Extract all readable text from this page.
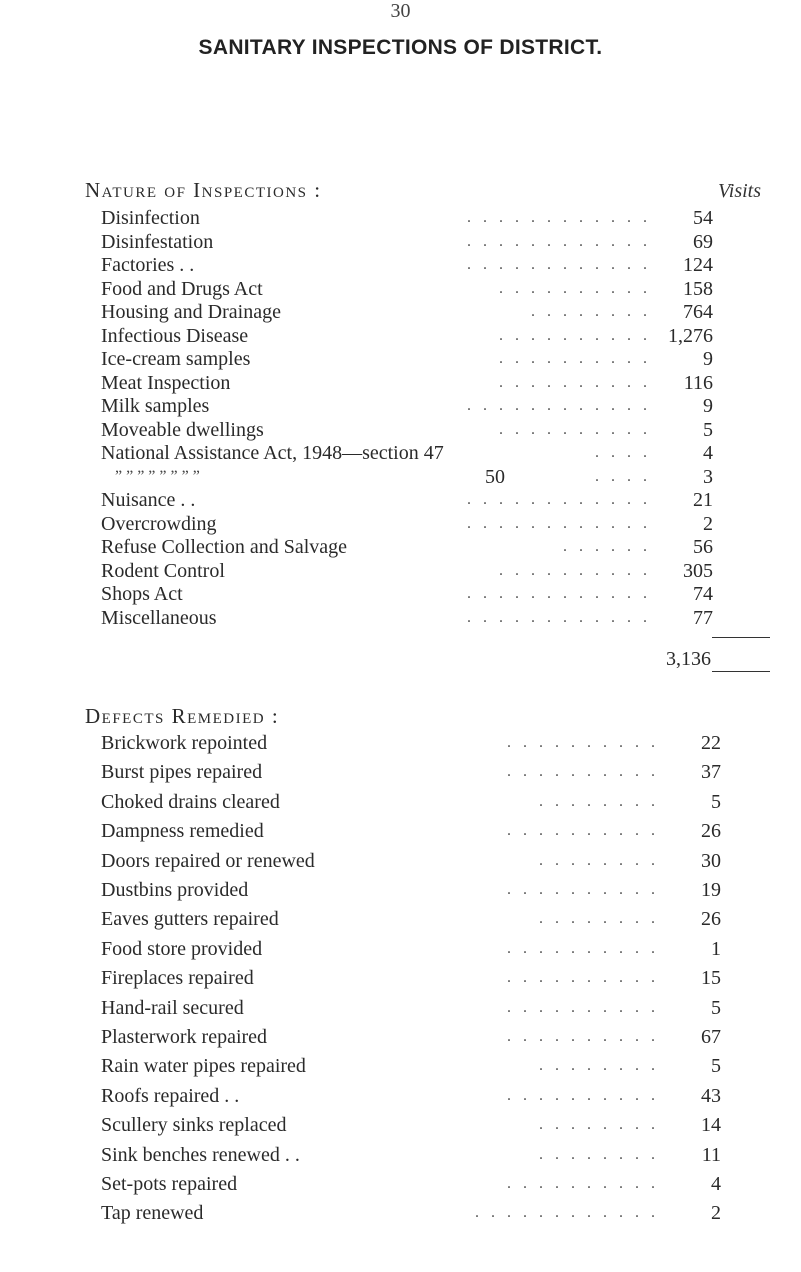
30
SANITARY INSPECTIONS OF DISTRICT.
Nature of Inspections :	Visits
Disinfection	. . . . . . . . . . . . 54
Disinfestation	. . . . . . . . . . . . 69
Factories . .	. . . . . . . . . . . . 124
Food and Drugs Act	. . . . . . . . . . 158
Housing and Drainage	. . . . . . . . 764
Infectious Disease	. . . . . . . . . . 1,276
Ice-cream samples	. . . . . . . . . .	9
Meat Inspection	. . . . . . . . . . 116
Milk samples	. . . . . . . . . . . .	9
Moveable dwellings	. . . . . . . . . .	5
National Assistance Act, 1948—section 47	. . . .	4
” ” ” ” ” ” ” ”	50	. . . .	3
Nuisance . .	. . . . . . . . . . . . 21
Overcrowding	. . . . . . . . . . . .	2
Refuse Collection and Salvage	. . . . . . 56
Rodent Control	. . . . . . . . . . 305
Shops Act	. . . . . . . . . . . . 74
Miscellaneous	. . . . . . . . . . . . 77
3,136
Defects Remedied :
Brickwork repointed	. . . . . . . . . . 22
Burst pipes repaired	. . . . . . . . . . 37
Choked drains cleared	. . . . . . . .	5
Dampness remedied	. . . . . . . . . . 26
Doors repaired or renewed	. . . . . . . . 30
Dustbins provided	. . . . . . . . . . 19
Eaves gutters repaired	. . . . . . . . 26
Food store provided	. . . . . . . . . .	1
Fireplaces repaired	. . . . . . . . . . 15
Hand-rail secured	. . . . . . . . . .	5
Plasterwork repaired	. . . . . . . . . . 67
Rain water pipes repaired	. . . . . . . .	5
Roofs repaired . .	. . . . . . . . . . 43
Scullery sinks replaced	. . . . . . . . 14
Sink benches renewed . .	. . . . . . . . 11
Set-pots repaired	. . . . . . . . . .	4
Tap renewed	. . . . . . . . . . . .	2
